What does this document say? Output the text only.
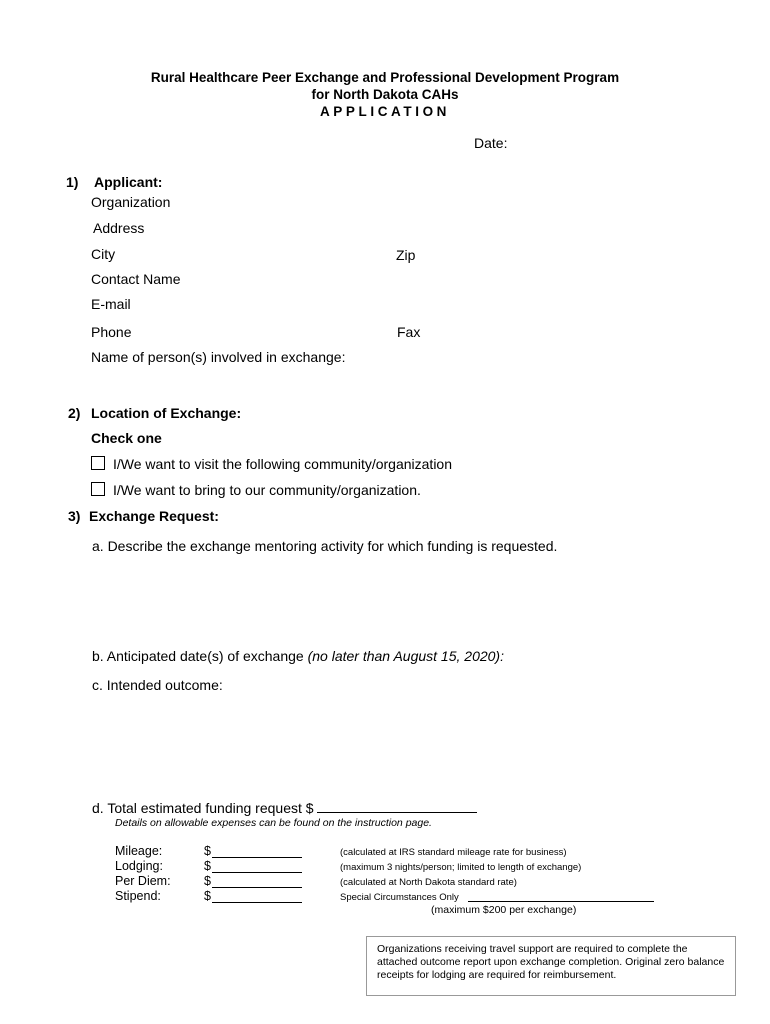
Rural Healthcare Peer Exchange and Professional Development Program
for North Dakota CAHs
APPLICATION
Date:
1) Applicant:
Organization
Address
City	Zip
Contact Name
E-mail
Phone	Fax
Name of person(s) involved in exchange:
2) Location of Exchange:
Check one
I/We want to visit the following community/organization
I/We want to bring to our community/organization.
3) Exchange Request:
a. Describe the exchange mentoring activity for which funding is requested.
b. Anticipated date(s) of exchange (no later than August 15, 2020):
c. Intended outcome:
d. Total estimated funding request $
Details on allowable expenses can be found on the instruction page.
Mileage:	$	(calculated at IRS standard mileage rate for business)
Lodging:	$	(maximum 3 nights/person; limited to length of exchange)
Per Diem:	$	(calculated at North Dakota standard rate)
Stipend:	$	Special Circumstances Only
(maximum $200 per exchange)
Organizations receiving travel support are required to complete the attached outcome report upon exchange completion. Original zero balance receipts for lodging are required for reimbursement.
